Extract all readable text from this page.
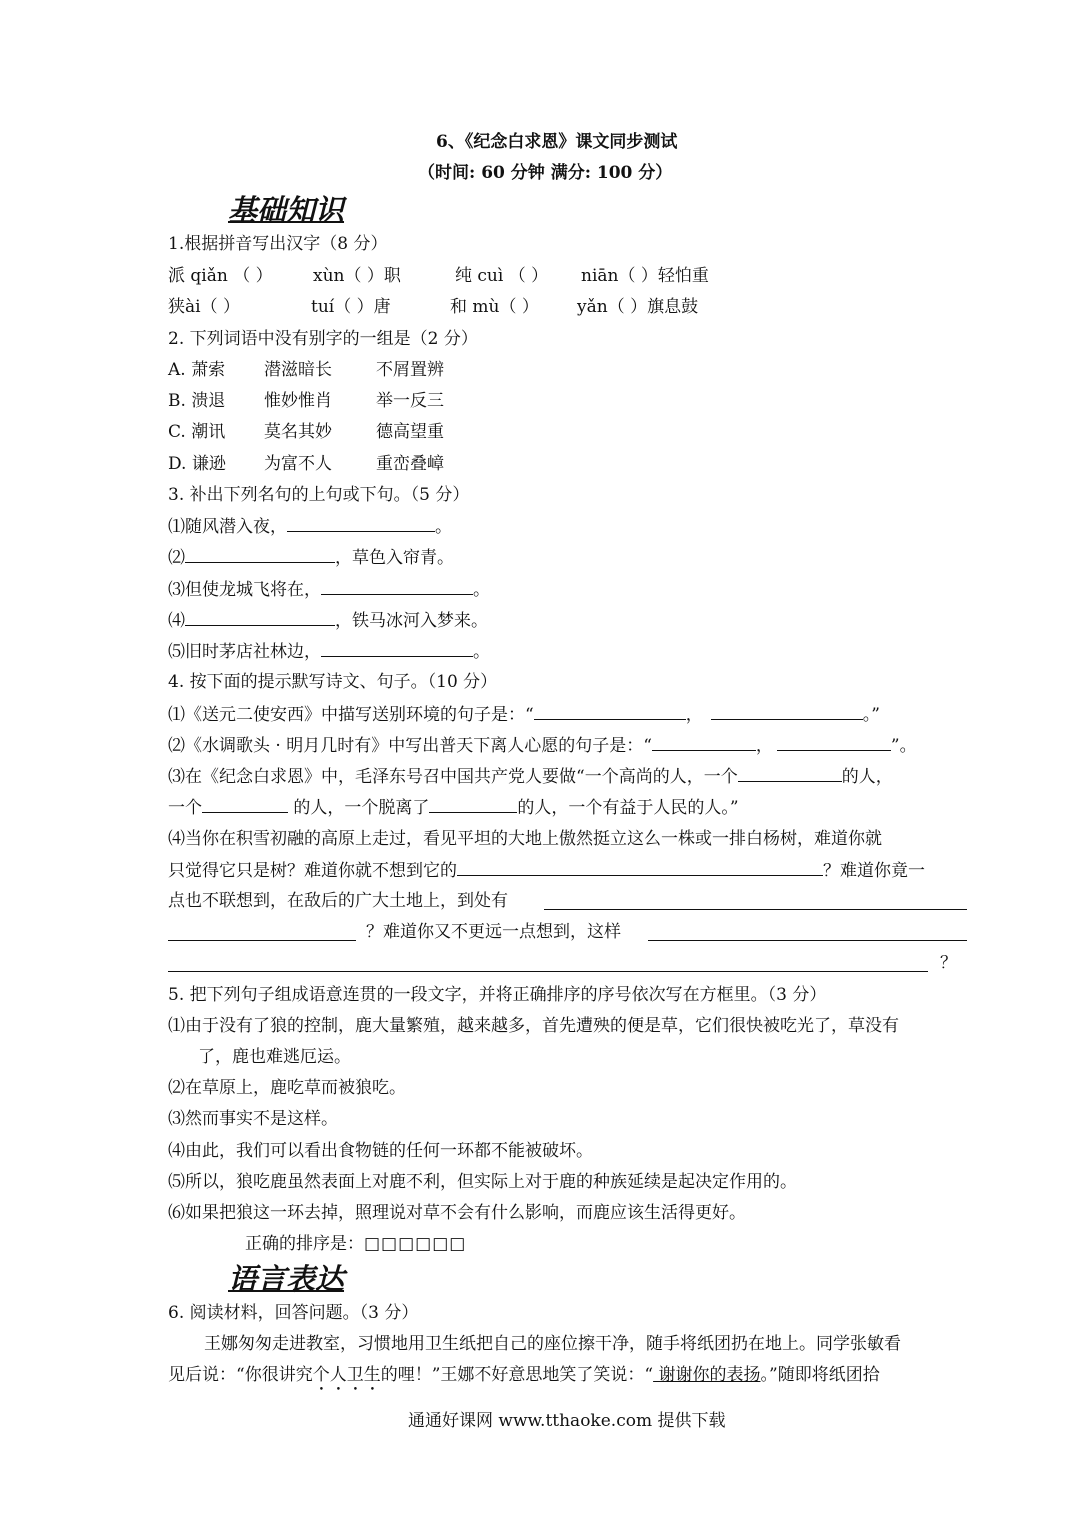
6、《纪念白求恩》课文同步测试
（时间: 60 分钟 满分: 100 分）
基础知识
1.根据拼音写出汉字（8 分）
派 qiǎn （ ） xùn（ ）职	纯 cuì （ ） niān（ ）轻怕重
狭ài（ ）	tuí（ ）唐	和 mù（ ） yǎn（ ）旗息鼓
2. 下列词语中没有别字的一组是（2 分）
A. 萧索 潜滋暗长	不屑置辨
B. 溃退 惟妙惟肖	举一反三
C. 潮讯 莫名其妙	德高望重
D. 谦逊 为富不人	重峦叠嶂
3. 补出下列名句的上句或下句。（5 分）
⑴随风潜入夜，	。
⑵	，草色入帘青。
⑶但使龙城飞将在，	。
⑷	，铁马冰河入梦来。
⑸旧时茅店社林边，	。
4. 按下面的提示默写诗文、句子。（10 分）
⑴《送元二使安西》中描写送别环境的句子是：“	，	。”
⑵《水调歌头 · 明月几时有》中写出普天下离人心愿的句子是：“	，	”。
⑶在《纪念白求恩》中，毛泽东号召中国共产党人要做“一个高尚的人，一个	的人，
一个	的人，一个脱离了	的人，一个有益于人民的人。”
⑷当你在积雪初融的高原上走过，看见平坦的大地上傲然挺立这么一株或一排白杨树，难道你就
只觉得它只是树？难道你就不想到它的	？难道你竟一
点也不联想到，在敌后的广大土地上，到处有
？难道你又不更远一点想到，这样
？
5. 把下列句子组成语意连贯的一段文字，并将正确排序的序号依次写在方框里。（3 分）
⑴由于没有了狼的控制，鹿大量繁殖，越来越多，首先遭殃的便是草，它们很快被吃光了，草没有
了，鹿也难逃厄运。
⑵在草原上，鹿吃草而被狼吃。
⑶然而事实不是这样。
⑷由此，我们可以看出食物链的任何一环都不能被破坏。
⑸所以，狼吃鹿虽然表面上对鹿不利，但实际上对于鹿的种族延续是起决定作用的。
⑹如果把狼这一环去掉，照理说对草不会有什么影响，而鹿应该生活得更好。
正确的排序是：□□□□□□
语言表达
6. 阅读材料，回答问题。（3 分）
王娜匆匆走进教室，习惯地用卫生纸把自己的座位擦干净，随手将纸团扔在地上。同学张敏看
见后说：“你很讲究个人卫生的哩！”王娜不好意思地笑了笑说：“ 谢谢你的表扬。”随即将纸团拾
通通好课网 www.tthaoke.com 提供下载
